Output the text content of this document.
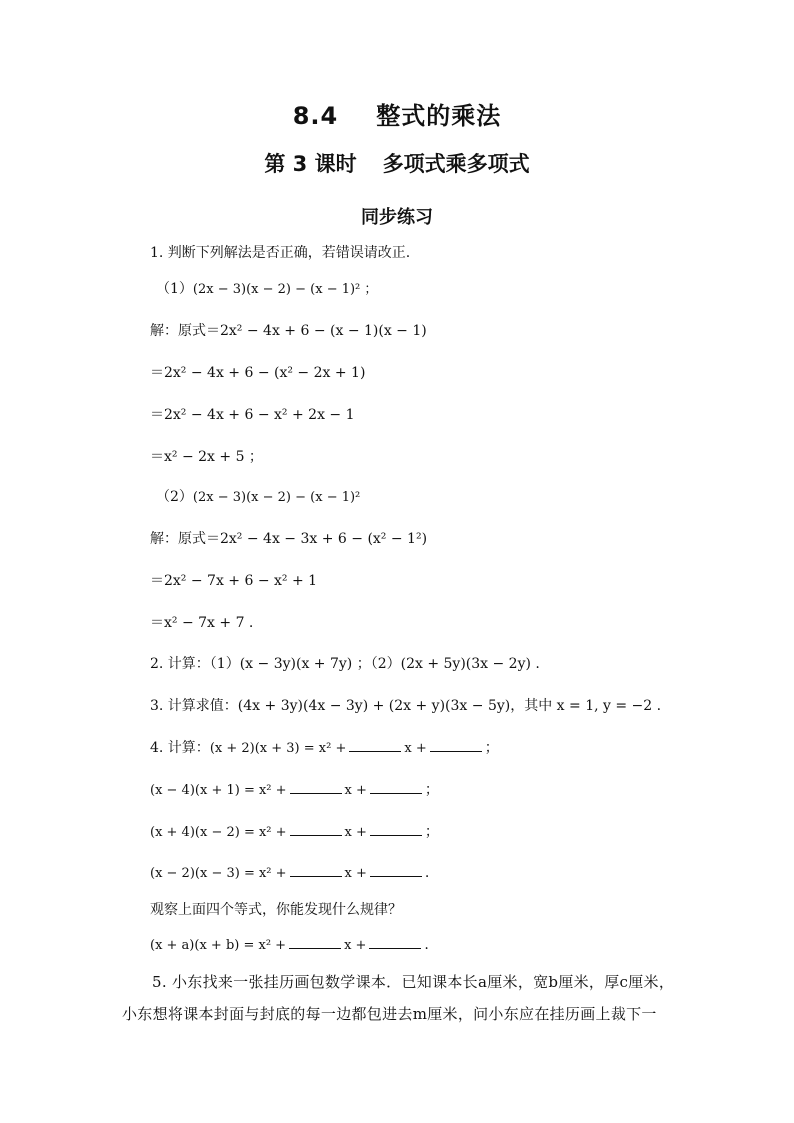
8.4 整式的乘法
第 3 课时 多项式乘多项式
同步练习
1. 判断下列解法是否正确，若错误请改正.
（1）(2x − 3)(x − 2) − (x − 1)² ；
解：原式＝2x² − 4x + 6 − (x − 1)(x − 1)
＝2x² − 4x + 6 − (x² − 2x + 1)
＝2x² − 4x + 6 − x² + 2x − 1
＝x² − 2x + 5 ；
（2）(2x − 3)(x − 2) − (x − 1)²
解：原式＝2x² − 4x − 3x + 6 − (x² − 1²)
＝2x² − 7x + 6 − x² + 1
＝x² − 7x + 7 .
2. 计算：（1）(x − 3y)(x + 7y) ；（2）(2x + 5y)(3x − 2y) .
3. 计算求值：(4x + 3y)(4x − 3y) + (2x + y)(3x − 5y)，其中 x = 1, y = −2 .
4. 计算：(x + 2)(x + 3) = x² +	x +	；
(x − 4)(x + 1) = x² +	x +	；
(x + 4)(x − 2) = x² +	x +	；
(x − 2)(x − 3) = x² +	x +	.
观察上面四个等式，你能发现什么规律？
(x + a)(x + b) = x² +	x +	.
5. 小东找来一张挂历画包数学课本．已知课本长a厘米，宽b厘米，厚c厘米，小东想将课本封面与封底的每一边都包进去m厘米，问小东应在挂历画上裁下一
